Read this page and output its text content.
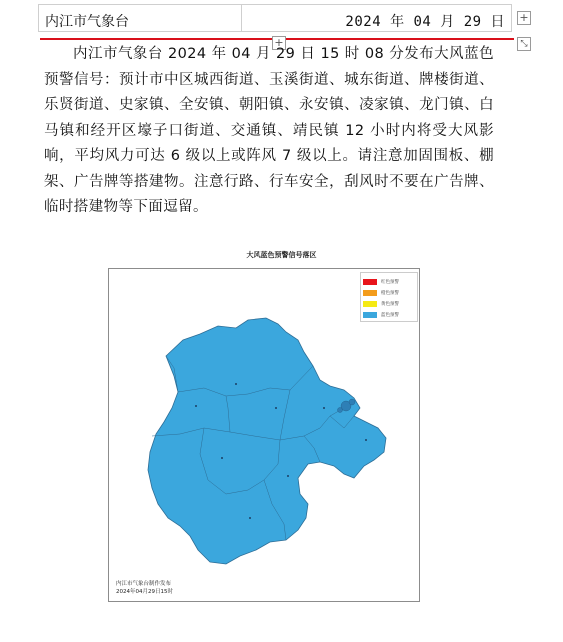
内江市气象台	2024 年 04 月 29 日 +
⤡
+

内江市气象台 2024 年 04 月 29 日 15 时 08 分发布大风蓝色预警信号：预计市中区城西街道、玉溪街道、城东街道、牌楼街道、乐贤街道、史家镇、全安镇、朝阳镇、永安镇、凌家镇、龙门镇、白马镇和经开区壕子口街道、交通镇、靖民镇 12 小时内将受大风影响，平均风力可达 6 级以上或阵风 7 级以上。请注意加固围板、棚架、广告牌等搭建物。注意行路、行车安全，刮风时不要在广告牌、临时搭建物等下面逗留。

大风蓝色预警信号落区
红色预警
橙色预警
黄色预警
蓝色预警
内江市气象台制作发布
2024年04月29日15时
